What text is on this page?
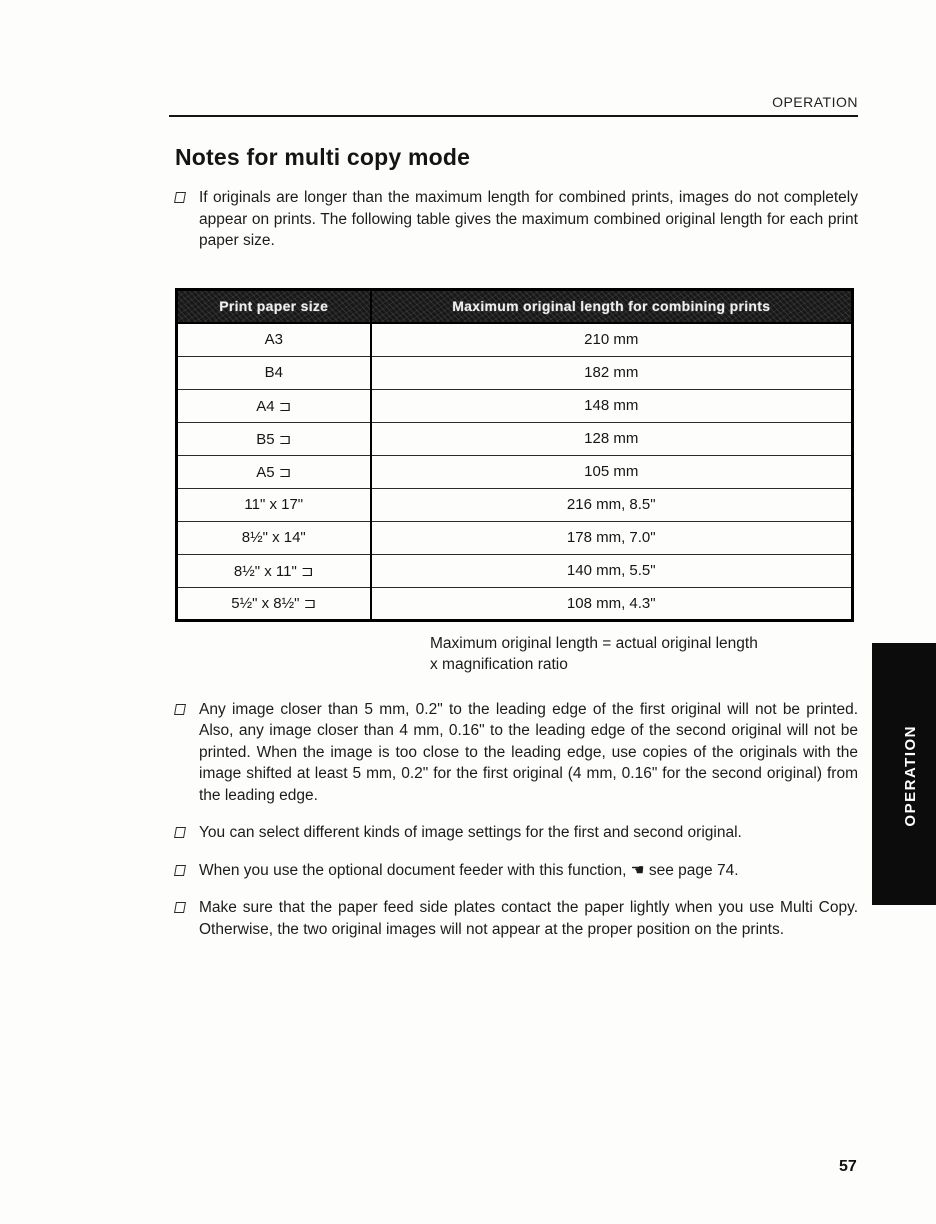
OPERATION
Notes for multi copy mode

If originals are longer than the maximum length for combined prints, images do not completely appear on prints. The following table gives the maximum combined original length for each print paper size.

Print paper size	Maximum original length for combining prints
A3	210 mm
B4	182 mm
A4 ⊐	148 mm
B5 ⊐	128 mm
A5 ⊐	105 mm
11" x 17"	216 mm, 8.5"
8½" x 14"	178 mm, 7.0"
8½" x 11" ⊐	140 mm, 5.5"
5½" x 8½" ⊐	108 mm, 4.3"
Maximum original length = actual original length
x magnification ratio

Any image closer than 5 mm, 0.2" to the leading edge of the first original will not be printed. Also, any image closer than 4 mm, 0.16" to the leading edge of the second original will not be printed. When the image is too close to the leading edge, use copies of the originals with the image shifted at least 5 mm, 0.2" for the first original (4 mm, 0.16" for the second original) from the leading edge.

You can select different kinds of image settings for the first and second original.

When you use the optional document feeder with this function, ☚ see page 74.

Make sure that the paper feed side plates contact the paper lightly when you use Multi Copy. Otherwise, the two original images will not appear at the proper position on the prints.

OPERATION
57
